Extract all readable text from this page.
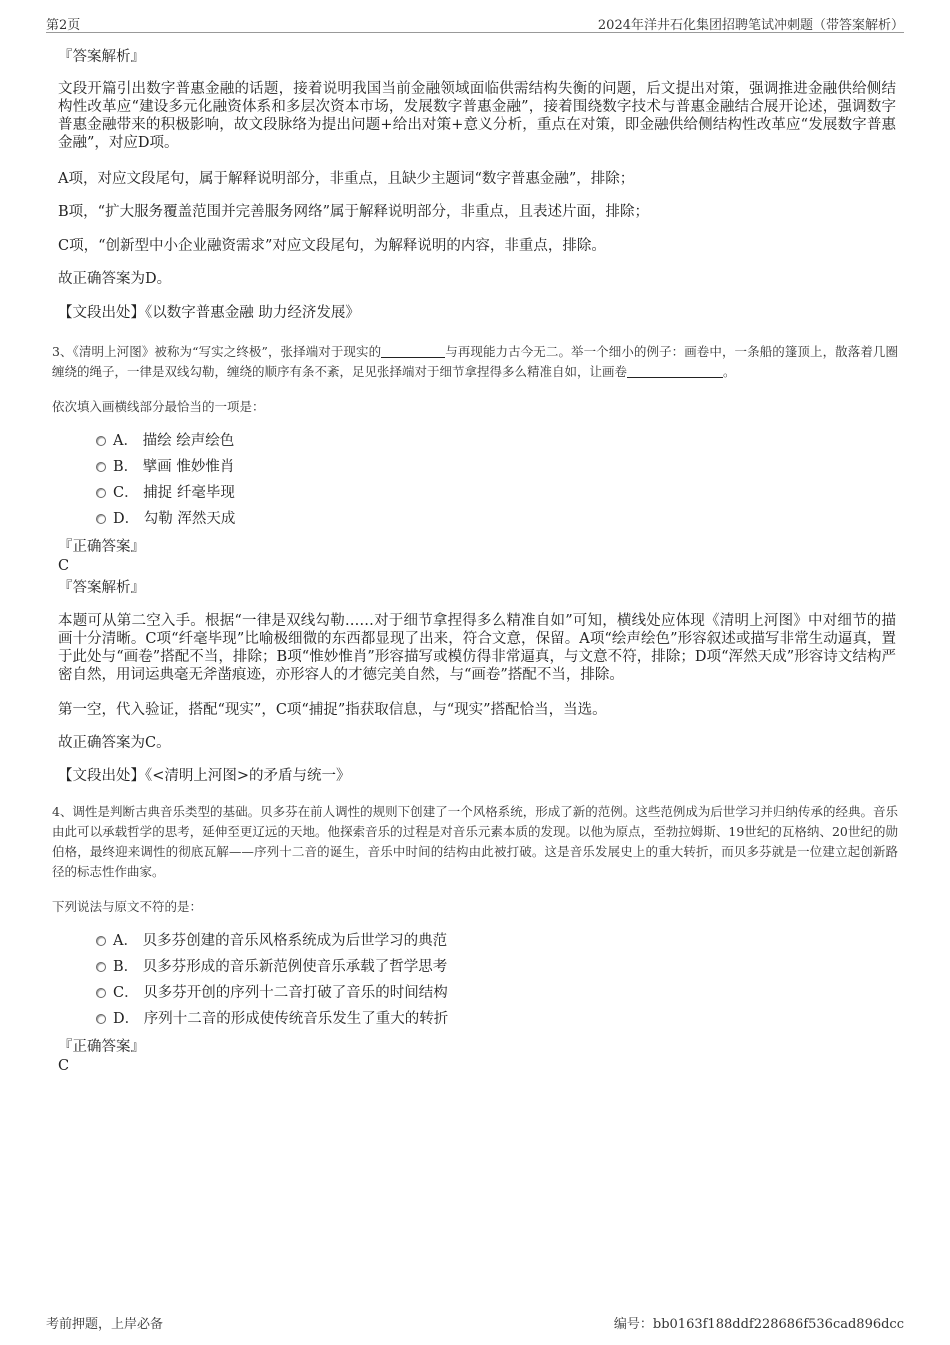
第2页	2024年洋井石化集团招聘笔试冲刺题（带答案解析）
『答案解析』
文段开篇引出数字普惠金融的话题，接着说明我国当前金融领域面临供需结构失衡的问题，后文提出对策，强调推进金融供给侧结构性改革应“建设多元化融资体系和多层次资本市场，发展数字普惠金融”，接着围绕数字技术与普惠金融结合展开论述，强调数字普惠金融带来的积极影响，故文段脉络为提出问题+给出对策+意义分析，重点在对策，即金融供给侧结构性改革应“发展数字普惠金融”，对应D项。
A项，对应文段尾句，属于解释说明部分，非重点，且缺少主题词“数字普惠金融”，排除；
B项，“扩大服务覆盖范围并完善服务网络”属于解释说明部分，非重点，且表述片面，排除；
C项，“创新型中小企业融资需求”对应文段尾句，为解释说明的内容，非重点，排除。
故正确答案为D。
【文段出处】《以数字普惠金融 助力经济发展》
3、《清明上河图》被称为“写实之终极”，张择端对于现实的	与再现能力古今无二。举一个细小的例子：画卷中，一条船的篷顶上，散落着几圈缠绕的绳子，一律是双线勾勒，缠绕的顺序有条不紊，足见张择端对于细节拿捏得多么精准自如，让画卷	。
依次填入画横线部分最恰当的一项是：
A． 描绘 绘声绘色
B． 擘画 惟妙惟肖
C． 捕捉 纤毫毕现
D． 勾勒 浑然天成
『正确答案』
C
『答案解析』
本题可从第二空入手。根据“一律是双线勾勒……对于细节拿捏得多么精准自如”可知，横线处应体现《清明上河图》中对细节的描画十分清晰。C项“纤毫毕现”比喻极细微的东西都显现了出来，符合文意，保留。A项“绘声绘色”形容叙述或描写非常生动逼真，置于此处与“画卷”搭配不当，排除；B项“惟妙惟肖”形容描写或模仿得非常逼真，与文意不符，排除；D项“浑然天成”形容诗文结构严密自然，用词运典毫无斧凿痕迹，亦形容人的才德完美自然，与“画卷”搭配不当，排除。
第一空，代入验证，搭配“现实”，C项“捕捉”指获取信息，与“现实”搭配恰当，当选。
故正确答案为C。
【文段出处】《<清明上河图>的矛盾与统一》
4、调性是判断古典音乐类型的基础。贝多芬在前人调性的规则下创建了一个风格系统，形成了新的范例。这些范例成为后世学习并归纳传承的经典。音乐由此可以承载哲学的思考，延伸至更辽远的天地。他探索音乐的过程是对音乐元素本质的发现。以他为原点，至勃拉姆斯、19世纪的瓦格纳、20世纪的勋伯格，最终迎来调性的彻底瓦解——序列十二音的诞生，音乐中时间的结构由此被打破。这是音乐发展史上的重大转折，而贝多芬就是一位建立起创新路径的标志性作曲家。
下列说法与原文不符的是：
A． 贝多芬创建的音乐风格系统成为后世学习的典范
B． 贝多芬形成的音乐新范例使音乐承载了哲学思考
C． 贝多芬开创的序列十二音打破了音乐的时间结构
D． 序列十二音的形成使传统音乐发生了重大的转折
『正确答案』
C
考前押题，上岸必备	编号：bb0163f188ddf228686f536cad896dcc
